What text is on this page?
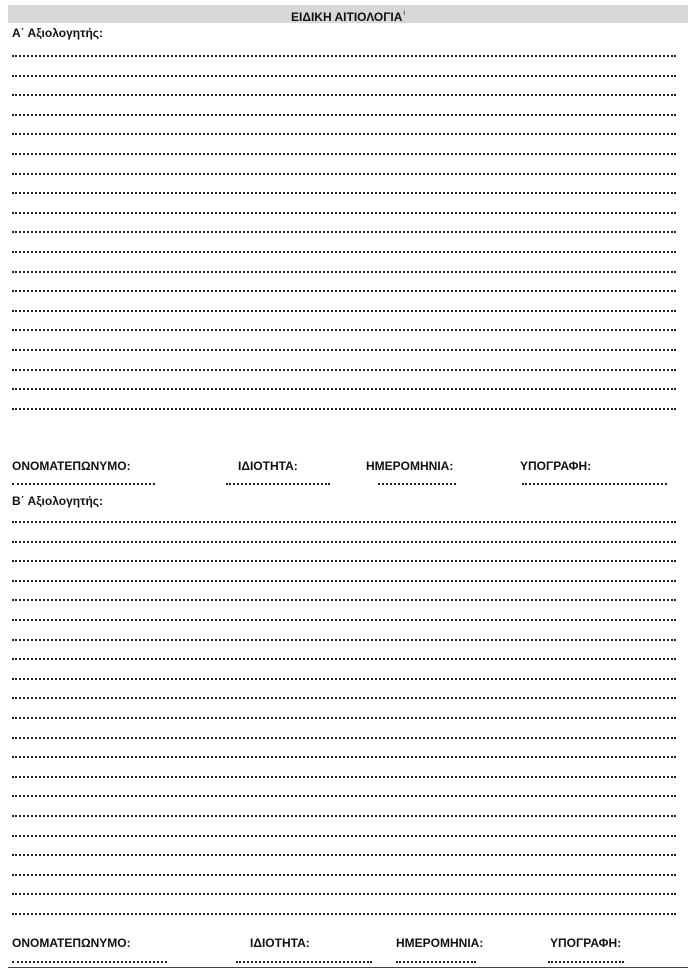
ΕΙΔΙΚΗ ΑΙΤΙΟΛΟΓΙΑ$^i$
Α΄ Αξιολογητής:
ΟΝΟΜΑΤΕΠΩΝΥΜΟ:	ΙΔΙΟΤΗΤΑ:	ΗΜΕΡΟΜΗΝΙΑ:	ΥΠΟΓΡΑΦΗ:
Β΄ Αξιολογητής:
ΟΝΟΜΑΤΕΠΩΝΥΜΟ:	ΙΔΙΟΤΗΤΑ:	ΗΜΕΡΟΜΗΝΙΑ:	ΥΠΟΓΡΑΦΗ:
